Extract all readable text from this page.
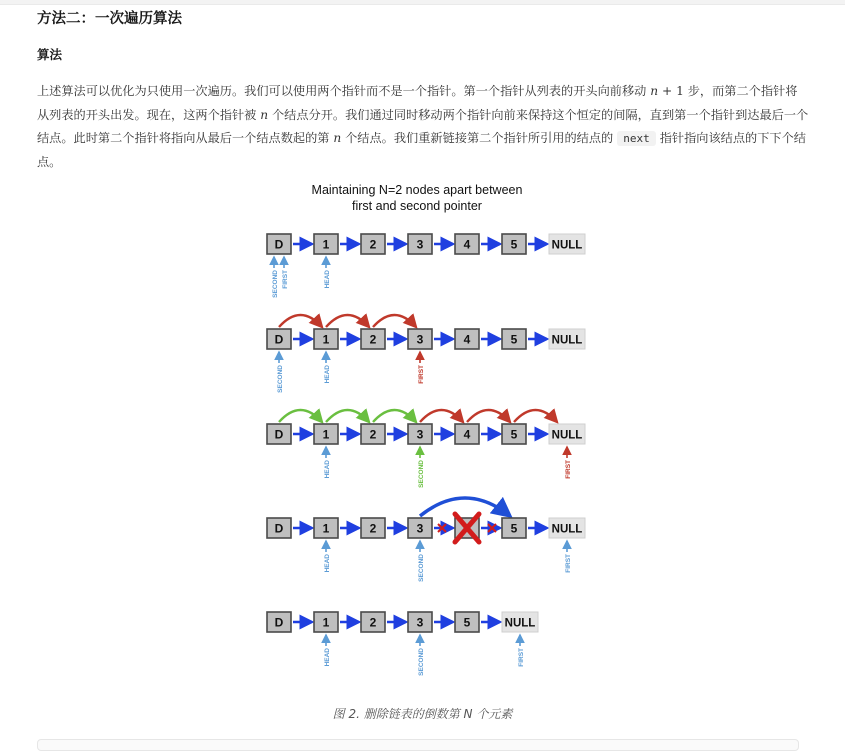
方法二：一次遍历算法
算法
上述算法可以优化为只使用一次遍历。我们可以使用两个指针而不是一个指针。第一个指针从列表的开头向前移动 n + 1 步，而第二个指针将从列表的开头出发。现在，这两个指针被 n 个结点分开。我们通过同时移动两个指针向前来保持这个恒定的间隔，直到第一个指针到达最后一个结点。此时第二个指针将指向从最后一个结点数起的第 n 个结点。我们重新链接第二个指针所引用的结点的 next 指针指向该结点的下下个结点。
Maintaining N=2 nodes apart between
first and second pointer
D	1	2	3	4	5	NULL
SECOND FIRST	HEAD
D	1	2	3	4	5	NULL
SECOND	HEAD	FIRST
D	1	2	3	4	5	NULL
HEAD	SECOND	FIRST
D	1	2	3	5	NULL
HEAD	SECOND	FIRST
D	1	2	3	5	NULL
HEAD	SECOND	FIRST
图 2. 删除链表的倒数第 N 个元素
